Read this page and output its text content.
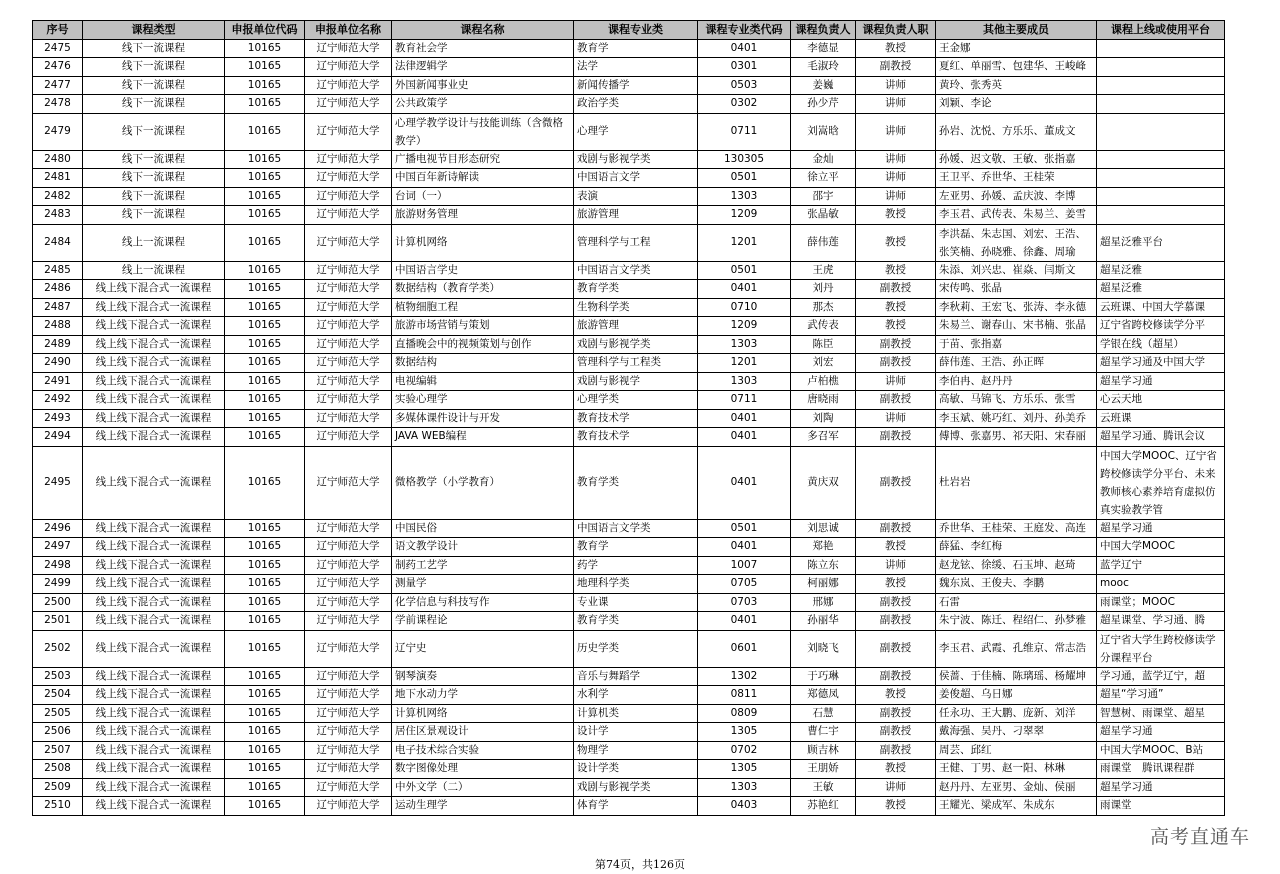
序号	课程类型	申报单位代码	申报单位名称	课程名称	课程专业类	课程专业类代码	课程负责人	课程负责人职	其他主要成员	课程上线或使用平台
2475	线下一流课程	10165	辽宁师范大学	教育社会学	教育学	0401	李德显	教授	王金娜	
2476	线下一流课程	10165	辽宁师范大学	法律逻辑学	法学	0301	毛淑玲	副教授	夏红、单丽雪、包建华、王峻峰	
2477	线下一流课程	10165	辽宁师范大学	外国新闻事业史	新闻传播学	0503	姜巍	讲师	黄玲、张秀英	
2478	线下一流课程	10165	辽宁师范大学	公共政策学	政治学类	0302	孙少芹	讲师	刘颖、李论	
2479	线下一流课程	10165	辽宁师范大学	心理学教学设计与技能训练（含微格教学）	心理学	0711	刘嵩晗	讲师	孙岩、沈悦、方乐乐、董成文	
2480	线下一流课程	10165	辽宁师范大学	广播电视节目形态研究	戏剧与影视学类	130305	金灿	讲师	孙媛、迟文敬、王敏、张指嘉	
2481	线下一流课程	10165	辽宁师范大学	中国百年新诗解读	中国语言文学	0501	徐立平	讲师	王卫平、乔世华、王桂荣	
2482	线下一流课程	10165	辽宁师范大学	台词（一）	表演	1303	邵宇	讲师	左亚男、孙媛、孟庆波、李博	
2483	线下一流课程	10165	辽宁师范大学	旅游财务管理	旅游管理	1209	张晶敏	教授	李玉君、武传表、朱易兰、姜雪	
2484	线上一流课程	10165	辽宁师范大学	计算机网络	管理科学与工程	1201	薛伟莲	教授	李洪磊、朱志国、刘宏、王浩、张笑楠、孙晓雅、徐鑫、周瑜	超星泛雅平台
2485	线上一流课程	10165	辽宁师范大学	中国语言学史	中国语言文学类	0501	王虎	教授	朱添、刘兴忠、崔焱、闫斯文	超星泛雅
2486	线上线下混合式一流课程	10165	辽宁师范大学	数据结构（教育学类）	教育学类	0401	刘丹	副教授	宋传鸣、张晶	超星泛雅
2487	线上线下混合式一流课程	10165	辽宁师范大学	植物细胞工程	生物科学类	0710	那杰	教授	李秋莉、王宏飞、张涛、李永德	云班课、中国大学慕课
2488	线上线下混合式一流课程	10165	辽宁师范大学	旅游市场营销与策划	旅游管理	1209	武传表	教授	朱易兰、谢春山、宋书楠、张晶	辽宁省跨校修读学分平
2489	线上线下混合式一流课程	10165	辽宁师范大学	直播晚会中的视频策划与创作	戏剧与影视学类	1303	陈臣	副教授	于苗、张指嘉	学银在线（超星）
2490	线上线下混合式一流课程	10165	辽宁师范大学	数据结构	管理科学与工程类	1201	刘宏	副教授	薛伟莲、王浩、孙正晖	超星学习通及中国大学
2491	线上线下混合式一流课程	10165	辽宁师范大学	电视编辑	戏剧与影视学	1303	卢柏樵	讲师	李伯冉、赵丹丹	超星学习通
2492	线上线下混合式一流课程	10165	辽宁师范大学	实验心理学	心理学类	0711	唐晓雨	副教授	高敏、马锦飞、方乐乐、张雪	心云天地
2493	线上线下混合式一流课程	10165	辽宁师范大学	多媒体课件设计与开发	教育技术学	0401	刘陶	讲师	李玉斌、姚巧红、刘丹、孙美乔	云班课
2494	线上线下混合式一流课程	10165	辽宁师范大学	JAVA WEB编程	教育技术学	0401	多召军	副教授	傅博、张嘉男、祁天阳、宋春丽	超星学习通、腾讯会议
2495	线上线下混合式一流课程	10165	辽宁师范大学	微格教学（小学教育）	教育学类	0401	黄庆双	副教授	杜岩岩	中国大学MOOC、辽宁省跨校修读学分平台、未来教师核心素养培育虚拟仿真实验教学管
2496	线上线下混合式一流课程	10165	辽宁师范大学	中国民俗	中国语言文学类	0501	刘思诚	副教授	乔世华、王桂荣、王庭发、高连	超星学习通
2497	线上线下混合式一流课程	10165	辽宁师范大学	语文教学设计	教育学	0401	郑艳	教授	薛猛、李红梅	中国大学MOOC
2498	线上线下混合式一流课程	10165	辽宁师范大学	制药工艺学	药学	1007	陈立东	讲师	赵龙铉、徐缓、石玉坤、赵琦	蓝学辽宁
2499	线上线下混合式一流课程	10165	辽宁师范大学	测量学	地理科学类	0705	柯丽娜	教授	魏东岚、王俊夫、李鹏	mooc
2500	线上线下混合式一流课程	10165	辽宁师范大学	化学信息与科技写作	专业课	0703	邢娜	副教授	石雷	雨课堂；MOOC
2501	线上线下混合式一流课程	10165	辽宁师范大学	学前课程论	教育学类	0401	孙丽华	副教授	朱宁波、陈迁、程绍仁、孙梦雅	超星课堂、学习通、腾
2502	线上线下混合式一流课程	10165	辽宁师范大学	辽宁史	历史学类	0601	刘晓飞	副教授	李玉君、武霞、孔维京、常志浩	辽宁省大学生跨校修读学分课程平台
2503	线上线下混合式一流课程	10165	辽宁师范大学	钢琴演奏	音乐与舞蹈学	1302	于巧琳	副教授	侯蔷、于佳楠、陈璃瑶、杨耀坤	学习通，蓝学辽宁，超
2504	线上线下混合式一流课程	10165	辽宁师范大学	地下水动力学	水利学	0811	郑德凤	教授	姜俊超、乌日娜	超星“学习通”
2505	线上线下混合式一流课程	10165	辽宁师范大学	计算机网络	计算机类	0809	石慧	副教授	任永功、王大鹏、庞新、刘洋	智慧树、雨课堂、超星
2506	线上线下混合式一流课程	10165	辽宁师范大学	居住区景观设计	设计学	1305	曹仁宇	副教授	戴海强、吴丹、刁翠翠	超星学习通
2507	线上线下混合式一流课程	10165	辽宁师范大学	电子技术综合实验	物理学	0702	顾吉林	副教授	周芸、邱红	中国大学MOOC、B站
2508	线上线下混合式一流课程	10165	辽宁师范大学	数字图像处理	设计学类	1305	王朋娇	教授	王健、丁男、赵一阳、林琳	雨课堂　腾讯课程群
2509	线上线下混合式一流课程	10165	辽宁师范大学	中外文学（二）	戏剧与影视学类	1303	王敏	讲师	赵丹丹、左亚男、金灿、侯丽	超星学习通
2510	线上线下混合式一流课程	10165	辽宁师范大学	运动生理学	体育学	0403	苏艳红	教授	王耀光、梁成军、朱成东	雨课堂
第74页，共126页
高考直通车
